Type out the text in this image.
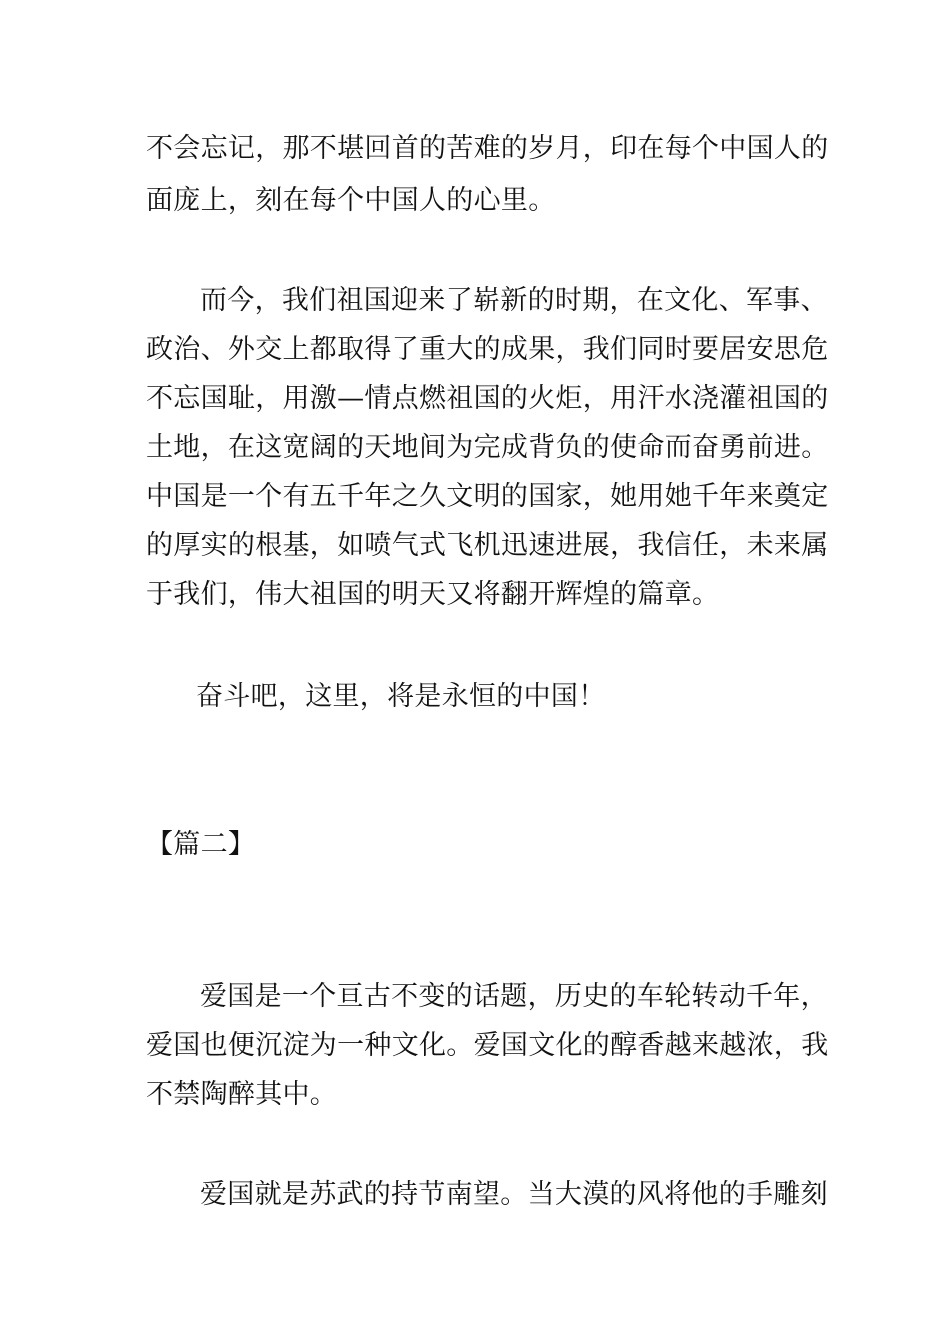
不会忘记，那不堪回首的苦难的岁月，印在每个中国人的
面庞上，刻在每个中国人的心里。
而今，我们祖国迎来了崭新的时期，在文化、军事、
政治、外交上都取得了重大的成果，我们同时要居安思危
不忘国耻，用激—情点燃祖国的火炬，用汗水浇灌祖国的
土地，在这宽阔的天地间为完成背负的使命而奋勇前进。
中国是一个有五千年之久文明的国家，她用她千年来奠定
的厚实的根基，如喷气式飞机迅速进展，我信任，未来属
于我们，伟大祖国的明天又将翻开辉煌的篇章。
奋斗吧，这里，将是永恒的中国！
【篇二】
爱国是一个亘古不变的话题，历史的车轮转动千年，
爱国也便沉淀为一种文化。爱国文化的醇香越来越浓，我
不禁陶醉其中。
爱国就是苏武的持节南望。当大漠的风将他的手雕刻
